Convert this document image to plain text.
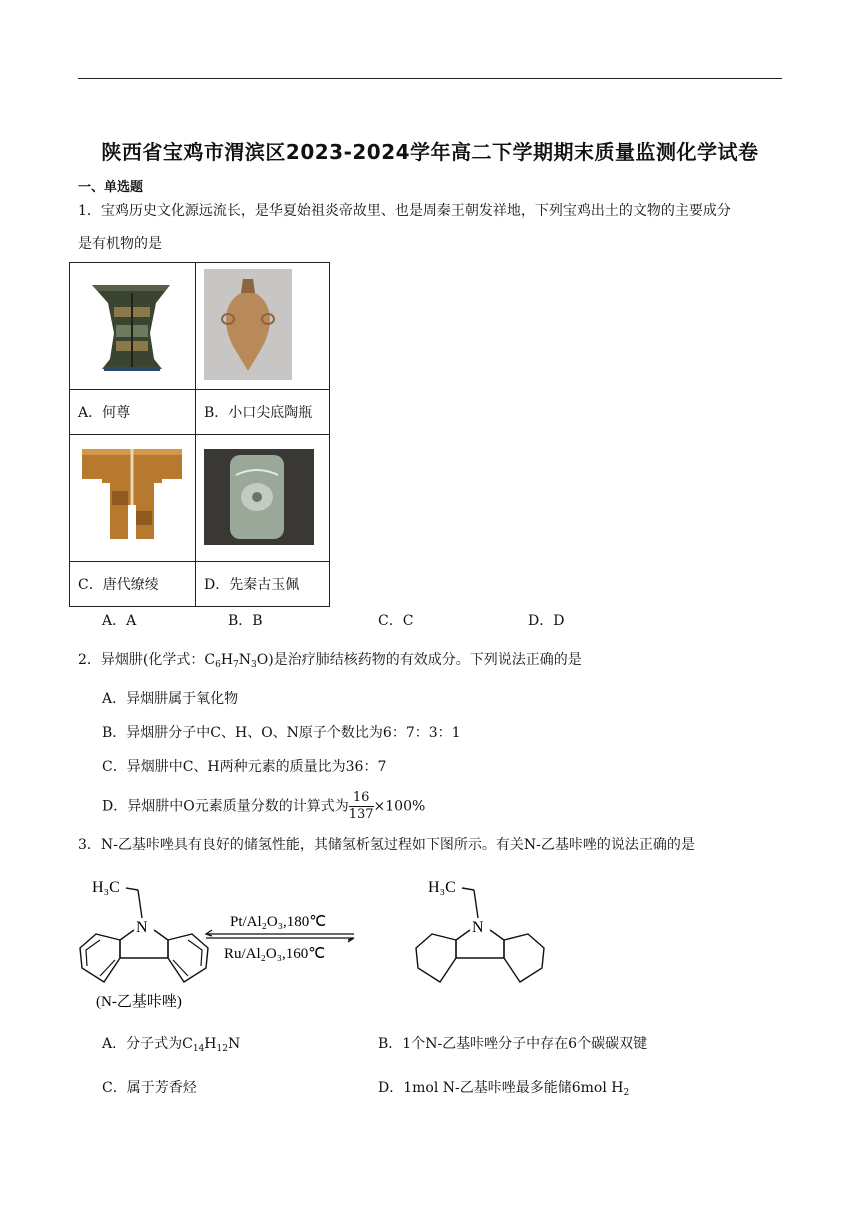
陕西省宝鸡市渭滨区2023-2024学年高二下学期期末质量监测化学试卷
一、单选题
1．宝鸡历史文化源远流长，是华夏始祖炎帝故里、也是周秦王朝发祥地，下列宝鸡出土的文物的主要成分
是有机物的是

A．何尊	B．小口尖底陶瓶

C．唐代缭绫	D．先秦古玉佩
A．A	B．B	C．C	D．D
2．异烟肼(化学式：$C_6H_7N_3O$)是治疗肺结核药物的有效成分。下列说法正确的是
A．异烟肼属于氧化物
B．异烟肼分子中C、H、O、N原子个数比为6：7：3：1
C．异烟肼中C、H两种元素的质量比为36：7
D．异烟肼中O元素质量分数的计算式为 $\frac{16}{137} \times 100\%$
3．N-乙基咔唑具有良好的储氢性能，其储氢析氢过程如下图所示。有关N-乙基咔唑的说法正确的是
H₃C
N
(N-乙基咔唑)
Pt/Al₂O₃,180℃
Ru/Al₂O₃,160℃
H₃C
N
A．分子式为$C_{14}H_{12}N$	B．1个N-乙基咔唑分子中存在6个碳碳双键
C．属于芳香烃	D．1mol N-乙基咔唑最多能储6mol $H_2$
